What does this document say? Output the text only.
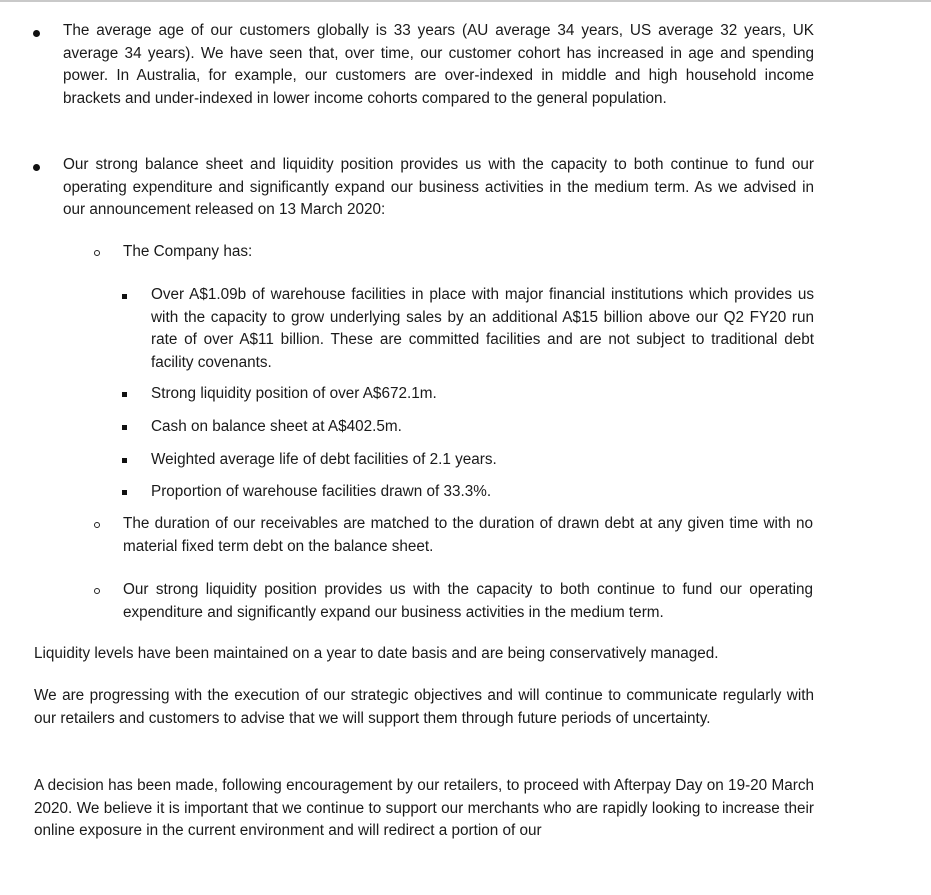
The average age of our customers globally is 33 years (AU average 34 years, US average 32 years, UK average 34 years). We have seen that, over time, our customer cohort has increased in age and spending power. In Australia, for example, our customers are over-indexed in middle and high household income brackets and under-indexed in lower income cohorts compared to the general population.

Our strong balance sheet and liquidity position provides us with the capacity to both continue to fund our operating expenditure and significantly expand our business activities in the medium term. As we advised in our announcement released on 13 March 2020:

The Company has:

Over A$1.09b of warehouse facilities in place with major financial institutions which provides us with the capacity to grow underlying sales by an additional A$15 billion above our Q2 FY20 run rate of over A$11 billion. These are committed facilities and are not subject to traditional debt facility covenants.

Strong liquidity position of over A$672.1m.

Cash on balance sheet at A$402.5m.

Weighted average life of debt facilities of 2.1 years.

Proportion of warehouse facilities drawn of 33.3%.

The duration of our receivables are matched to the duration of drawn debt at any given time with no material fixed term debt on the balance sheet.

Our strong liquidity position provides us with the capacity to both continue to fund our operating expenditure and significantly expand our business activities in the medium term.

Liquidity levels have been maintained on a year to date basis and are being conservatively managed.

We are progressing with the execution of our strategic objectives and will continue to communicate regularly with our retailers and customers to advise that we will support them through future periods of uncertainty.

A decision has been made, following encouragement by our retailers, to proceed with Afterpay Day on 19-20 March 2020. We believe it is important that we continue to support our merchants who are rapidly looking to increase their online exposure in the current environment and will redirect a portion of our
